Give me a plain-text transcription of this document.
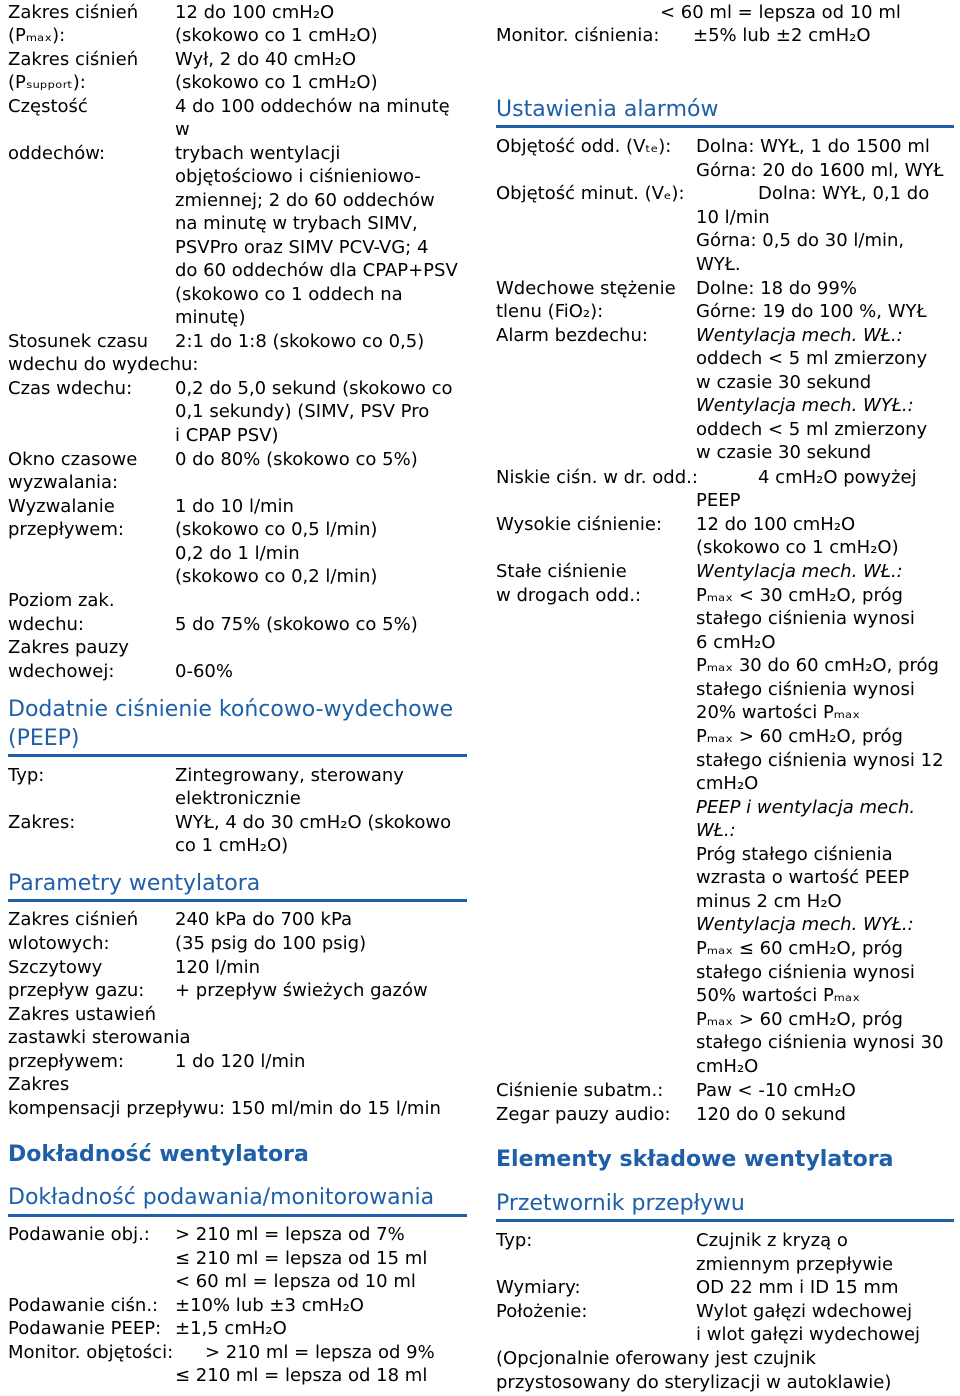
Zakres ciśnień 12 do 100 cmH₂O
(Pₘₐₓ):	(skokowo co 1 cmH₂O)
Zakres ciśnień Wył, 2 do 40 cmH₂O
(Pₛᵤₚₚₒᵣₜ):	(skokowo co 1 cmH₂O)
Częstość	4 do 100 oddechów na minutę
w
oddechów:	trybach wentylacji
objętościowo i ciśnieniowo-
zmiennej; 2 do 60 oddechów
na minutę w trybach SIMV,
PSVPro oraz SIMV PCV-VG; 4
do 60 oddechów dla CPAP+PSV
(skokowo co 1 oddech na
minutę)
Stosunek czasu 2:1 do 1:8 (skokowo co 0,5)
wdechu do wydechu:
Czas wdechu: 0,2 do 5,0 sekund (skokowo co
0,1 sekundy) (SIMV, PSV Pro
i CPAP PSV)
Okno czasowe 0 do 80% (skokowo co 5%)
wyzwalania:
Wyzwalanie	1 do 10 l/min
przepływem:	(skokowo co 0,5 l/min)
0,2 do 1 l/min
(skokowo co 0,2 l/min)
Poziom zak.
wdechu:	5 do 75% (skokowo co 5%)
Zakres pauzy
wdechowej:	0-60%
Dodatnie ciśnienie końcowo-wydechowe
(PEEP)
Typ:	Zintegrowany, sterowany
elektronicznie
Zakres:	WYŁ, 4 do 30 cmH₂O (skokowo
co 1 cmH₂O)
Parametry wentylatora
Zakres ciśnień 240 kPa do 700 kPa
wlotowych:	(35 psig do 100 psig)
Szczytowy	120 l/min
przepływ gazu: + przepływ świeżych gazów
Zakres ustawień
zastawki sterowania
przepływem:	1 do 120 l/min
Zakres
kompensacji przepływu: 150 ml/min do 15 l/min
Dokładność wentylatora
Dokładność podawania/monitorowania
Podawanie obj.: > 210 ml = lepsza od 7%
≤ 210 ml = lepsza od 15 ml
< 60 ml = lepsza od 10 ml
Podawanie ciśn.: ±10% lub ±3 cmH₂O
Podawanie PEEP: ±1,5 cmH₂O
Monitor. objętości: > 210 ml = lepsza od 9%
≤ 210 ml = lepsza od 18 ml
< 60 ml = lepsza od 10 ml
Monitor. ciśnienia: ±5% lub ±2 cmH₂O
Ustawienia alarmów
Objętość odd. (Vₜₑ): Dolna: WYŁ, 1 do 1500 ml
Górna: 20 do 1600 ml, WYŁ
Objętość minut. (Vₑ):	Dolna: WYŁ, 0,1 do
10 l/min
Górna: 0,5 do 30 l/min,
WYŁ.
Wdechowe stężenie Dolne: 18 do 99%
tlenu (FiO₂):	Górne: 19 do 100 %, WYŁ
Alarm bezdechu:	Wentylacja mech. WŁ.:
oddech < 5 ml zmierzony
w czasie 30 sekund
Wentylacja mech. WYŁ.:
oddech < 5 ml zmierzony
w czasie 30 sekund
Niskie ciśn. w dr. odd.:	4 cmH₂O powyżej
PEEP
Wysokie ciśnienie: 12 do 100 cmH₂O
(skokowo co 1 cmH₂O)
Stałe ciśnienie	Wentylacja mech. WŁ.:
w drogach odd.:	Pₘₐₓ < 30 cmH₂O, próg
stałego ciśnienia wynosi
6 cmH₂O
Pₘₐₓ 30 do 60 cmH₂O, próg
stałego ciśnienia wynosi
20% wartości Pₘₐₓ
Pₘₐₓ > 60 cmH₂O, próg
stałego ciśnienia wynosi 12
cmH₂O
PEEP i wentylacja mech.
WŁ.:
Próg stałego ciśnienia
wzrasta o wartość PEEP
minus 2 cm H₂O
Wentylacja mech. WYŁ.:
Pₘₐₓ ≤ 60 cmH₂O, próg
stałego ciśnienia wynosi
50% wartości Pₘₐₓ
Pₘₐₓ > 60 cmH₂O, próg
stałego ciśnienia wynosi 30
cmH₂O
Ciśnienie subatm.: Paw < -10 cmH₂O
Zegar pauzy audio: 120 do 0 sekund
Elementy składowe wentylatora
Przetwornik przepływu
Typ:	Czujnik z kryzą o
zmiennym przepływie
Wymiary:	OD 22 mm i ID 15 mm
Położenie:	Wylot gałęzi wdechowej
i wlot gałęzi wydechowej
(Opcjonalnie oferowany jest czujnik
przystosowany do sterylizacji w autoklawie)
